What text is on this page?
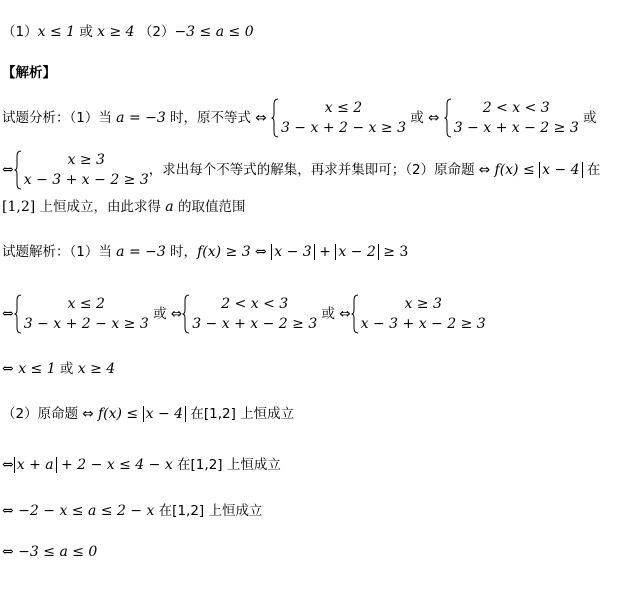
（1）x ≤ 1 或 x ≥ 4 （2）−3 ≤ a ≤ 0
【解析】
试题分析：（1）当 a = −3 时，原不等式 ⇔
x ≤ 2
3 − x + 2 − x ≥ 3
或 ⇔
2 < x < 3
3 − x + x − 2 ≥ 3
或
⇔
x ≥ 3
x − 3 + x − 2 ≥ 3
，求出每个不等式的解集，再求并集即可；（2）原命题 ⇔ f(x) ≤ x − 4 在
[1,2] 上恒成立，由此求得 a 的取值范围
试题解析：（1）当 a = −3 时，f(x) ≥ 3 ⇔ x − 3 + x − 2 ≥ 3
⇔
x ≤ 2
3 − x + 2 − x ≥ 3
或 ⇔
2 < x < 3
3 − x + x − 2 ≥ 3
或 ⇔
x ≥ 3
x − 3 + x − 2 ≥ 3
⇔ x ≤ 1 或 x ≥ 4
（2）原命题 ⇔ f(x) ≤ x − 4 在[1,2] 上恒成立
⇔ x + a + 2 − x ≤ 4 − x 在[1,2] 上恒成立
⇔ −2 − x ≤ a ≤ 2 − x 在[1,2] 上恒成立
⇔ −3 ≤ a ≤ 0
